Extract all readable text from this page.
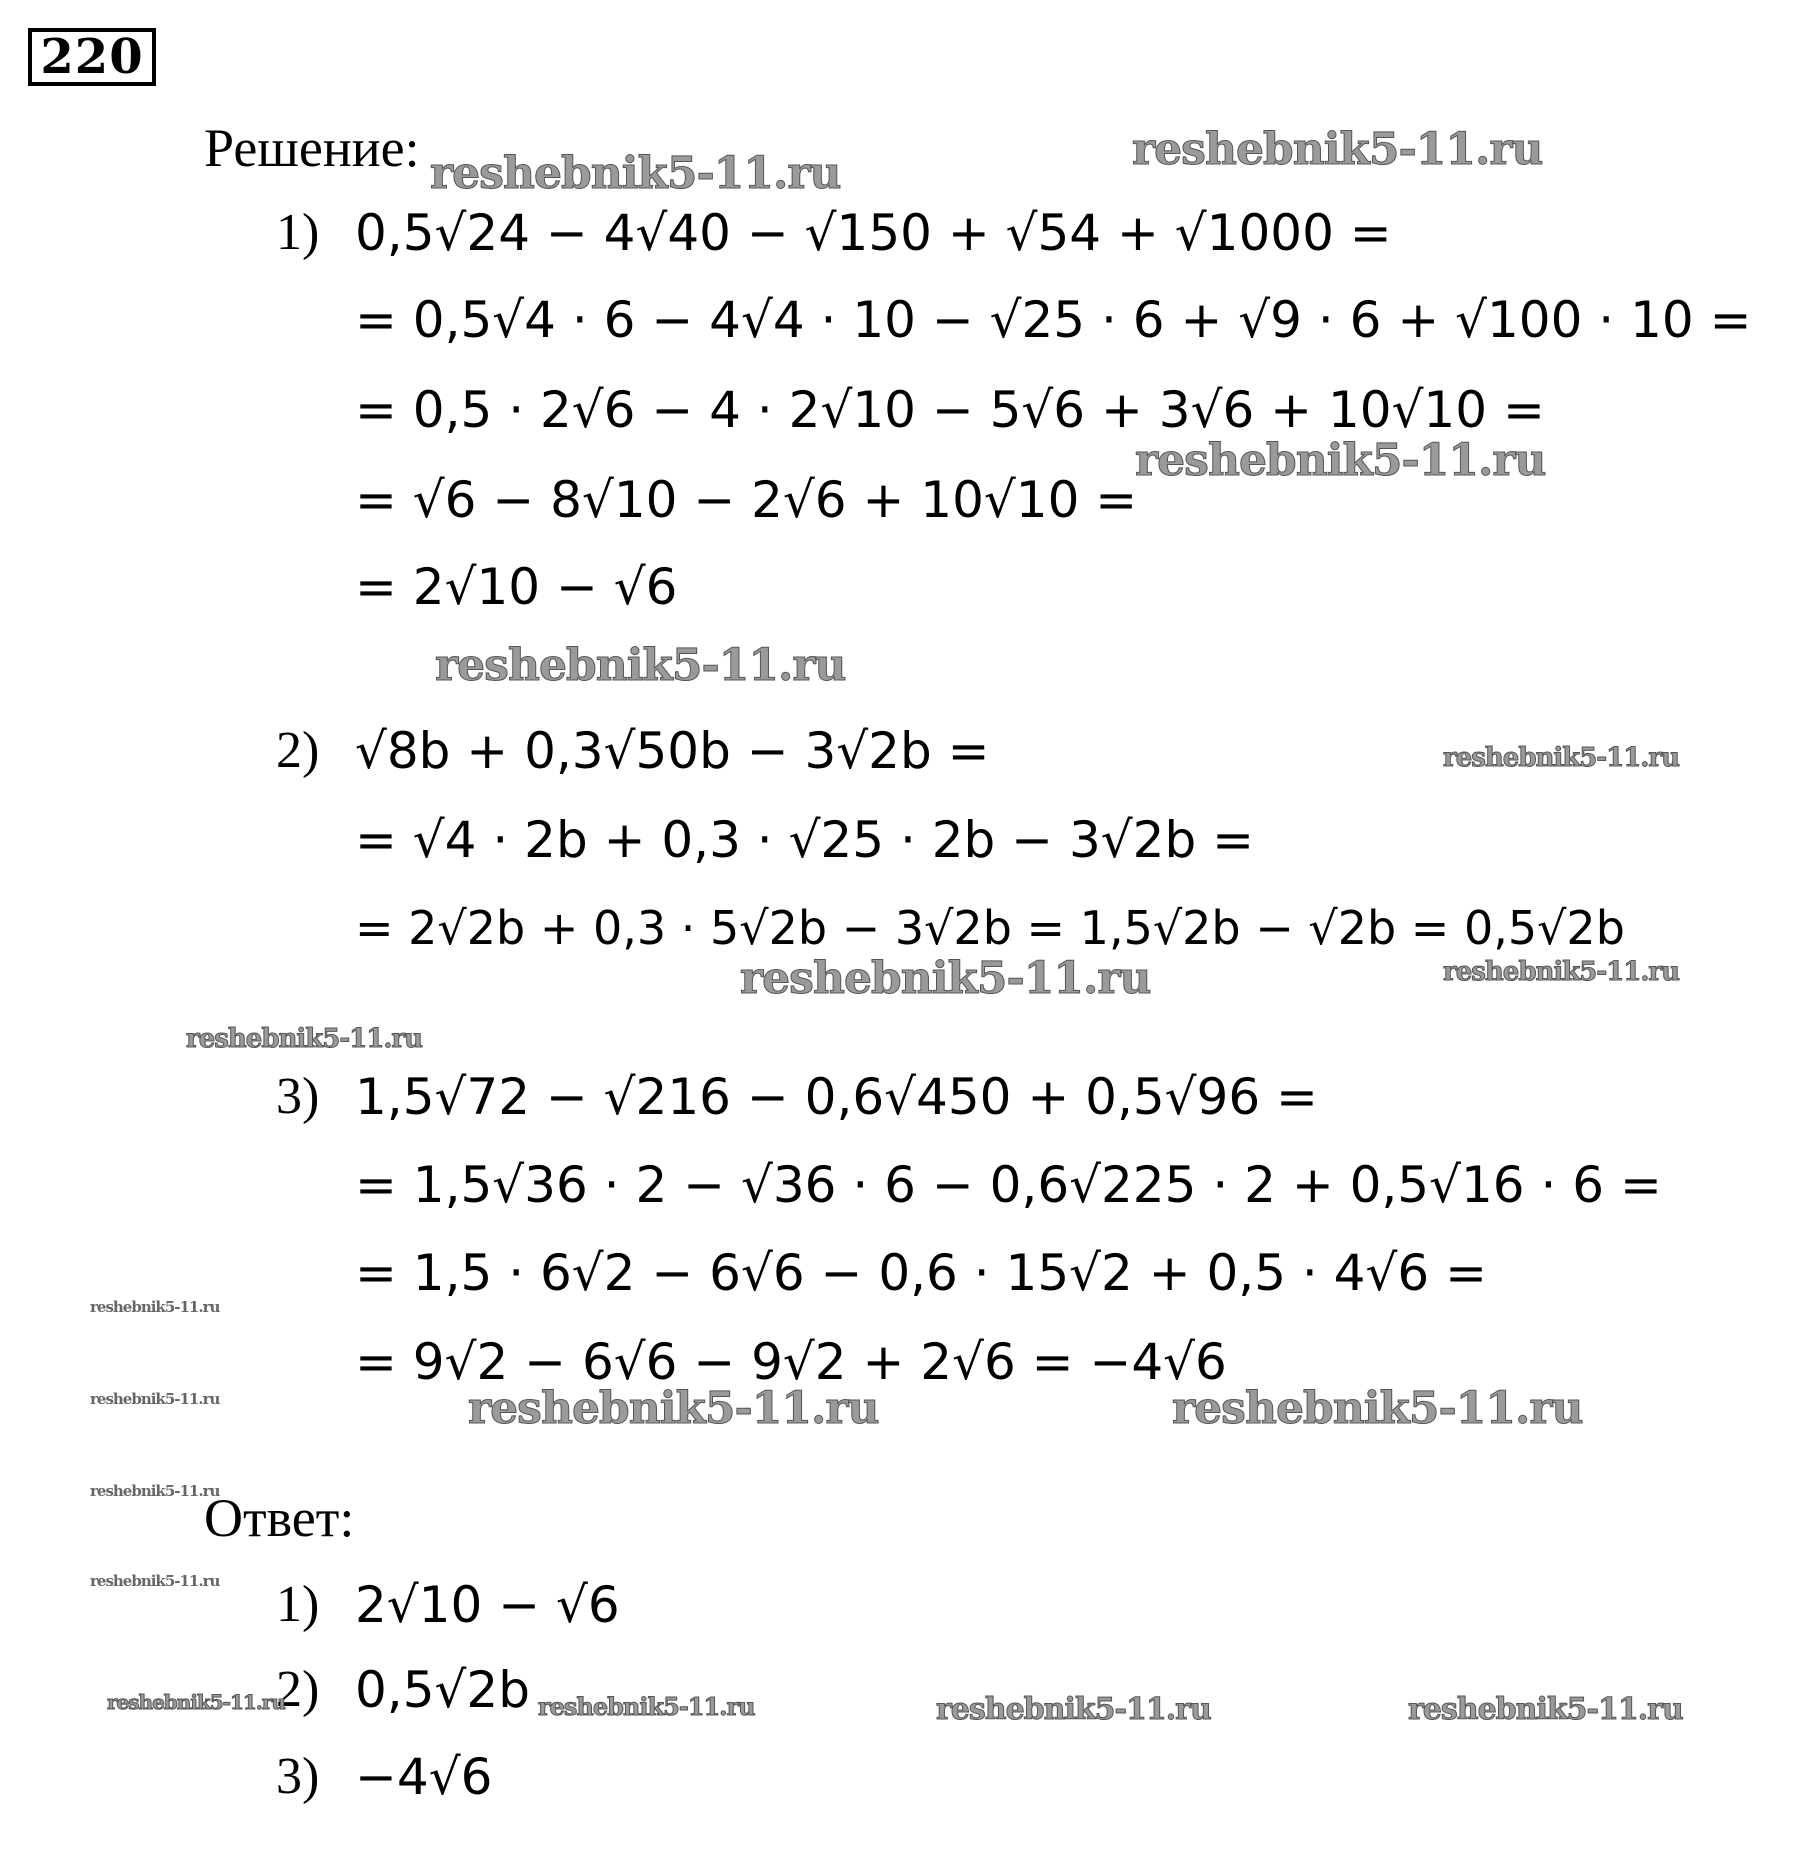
220
Решение:
1) 0,5√24 − 4√40 − √150 + √54 + √1000 =
= 0,5√4 · 6 − 4√4 · 10 − √25 · 6 + √9 · 6 + √100 · 10 =
= 0,5 · 2√6 − 4 · 2√10 − 5√6 + 3√6 + 10√10 =
= √6 − 8√10 − 2√6 + 10√10 =
= 2√10 − √6
2) √8b + 0,3√50b − 3√2b =
= √4 · 2b + 0,3 · √25 · 2b − 3√2b =
= 2√2b + 0,3 · 5√2b − 3√2b = 1,5√2b − √2b = 0,5√2b
3) 1,5√72 − √216 − 0,6√450 + 0,5√96 =
= 1,5√36 · 2 − √36 · 6 − 0,6√225 · 2 + 0,5√16 · 6 =
= 1,5 · 6√2 − 6√6 − 0,6 · 15√2 + 0,5 · 4√6 =
= 9√2 − 6√6 − 9√2 + 2√6 = −4√6
Ответ:
1) 2√10 − √6
2) 0,5√2b
3) −4√6
reshebnik5-11.ru	reshebnik5-11.ru
reshebnik5-11.ru
reshebnik5-11.ru
reshebnik5-11.ru
reshebnik5-11.ru	reshebnik5-11.ru
reshebnik5-11.ru
reshebnik5-11.ru
reshebnik5-11.ru	reshebnik5-11.ru	reshebnik5-11.ru
reshebnik5-11.ru
reshebnik5-11.ru
reshebnik5-11.ru	reshebnik5-11.ru	reshebnik5-11.ru	reshebnik5-11.ru
